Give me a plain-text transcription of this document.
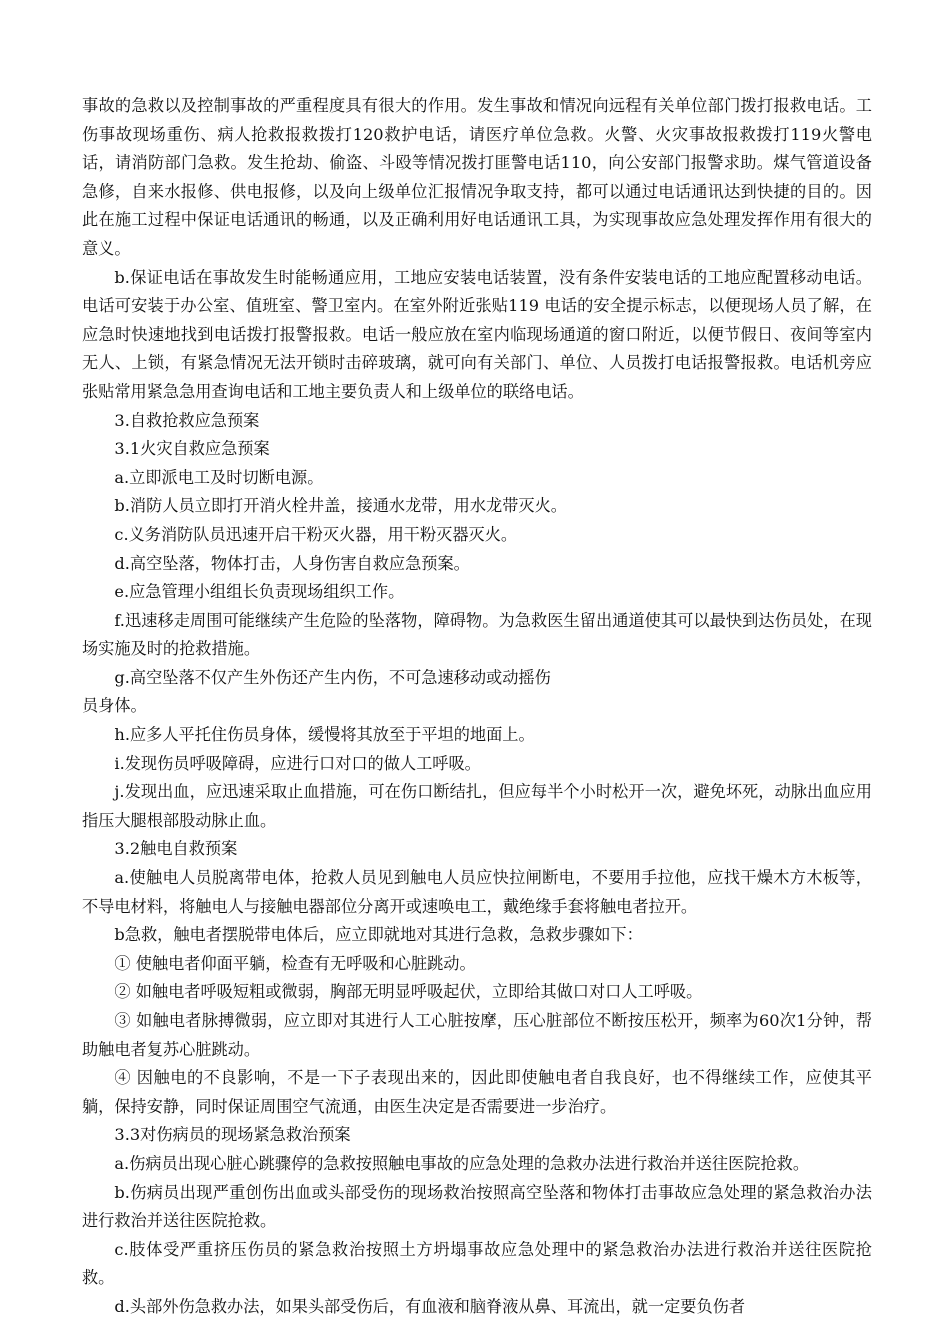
事故的急救以及控制事故的严重程度具有很大的作用。发生事故和情况向远程有关单位部门拨打报救电话。工伤事故现场重伤、病人抢救报救拨打120救护电话，请医疗单位急救。火警、火灾事故报救拨打119火警电话，请消防部门急救。发生抢劫、偷盗、斗殴等情况拨打匪警电话110，向公安部门报警求助。煤气管道设备急修，自来水报修、供电报修，以及向上级单位汇报情况争取支持，都可以通过电话通讯达到快捷的目的。因此在施工过程中保证电话通讯的畅通，以及正确利用好电话通讯工具，为实现事故应急处理发挥作用有很大的意义。

b.保证电话在事故发生时能畅通应用，工地应安装电话装置，没有条件安装电话的工地应配置移动电话。电话可安装于办公室、值班室、警卫室内。在室外附近张贴119 电话的安全提示标志，以便现场人员了解，在应急时快速地找到电话拨打报警报救。电话一般应放在室内临现场通道的窗口附近，以便节假日、夜间等室内无人、上锁，有紧急情况无法开锁时击碎玻璃，就可向有关部门、单位、人员拨打电话报警报救。电话机旁应张贴常用紧急急用查询电话和工地主要负责人和上级单位的联络电话。

3.自救抢救应急预案

3.1火灾自救应急预案

a.立即派电工及时切断电源。

b.消防人员立即打开消火栓井盖，接通水龙带，用水龙带灭火。

c.义务消防队员迅速开启干粉灭火器，用干粉灭器灭火。

d.高空坠落，物体打击，人身伤害自救应急预案。

e.应急管理小组组长负责现场组织工作。

f.迅速移走周围可能继续产生危险的坠落物，障碍物。为急救医生留出通道使其可以最快到达伤员处，在现场实施及时的抢救措施。

g.高空坠落不仅产生外伤还产生内伤，不可急速移动或动摇伤

员身体。

h.应多人平托住伤员身体，缓慢将其放至于平坦的地面上。

i.发现伤员呼吸障碍，应进行口对口的做人工呼吸。

j.发现出血，应迅速采取止血措施，可在伤口断结扎，但应每半个小时松开一次，避免坏死，动脉出血应用指压大腿根部股动脉止血。

3.2触电自救预案

a.使触电人员脱离带电体，抢救人员见到触电人员应快拉闸断电，不要用手拉他，应找干燥木方木板等，不导电材料，将触电人与接触电器部位分离开或速唤电工，戴绝缘手套将触电者拉开。

b急救，触电者摆脱带电体后，应立即就地对其进行急救，急救步骤如下：

① 使触电者仰面平躺，检查有无呼吸和心脏跳动。

② 如触电者呼吸短粗或微弱，胸部无明显呼吸起伏，立即给其做口对口人工呼吸。

③ 如触电者脉搏微弱，应立即对其进行人工心脏按摩，压心脏部位不断按压松开，频率为60次1分钟，帮助触电者复苏心脏跳动。

④ 因触电的不良影响，不是一下子表现出来的，因此即使触电者自我良好，也不得继续工作，应使其平躺，保持安静，同时保证周围空气流通，由医生决定是否需要进一步治疗。

3.3对伤病员的现场紧急救治预案

a.伤病员出现心脏心跳骤停的急救按照触电事故的应急处理的急救办法进行救治并送往医院抢救。

b.伤病员出现严重创伤出血或头部受伤的现场救治按照高空坠落和物体打击事故应急处理的紧急救治办法进行救治并送往医院抢救。

c.肢体受严重挤压伤员的紧急救治按照土方坍塌事故应急处理中的紧急救治办法进行救治并送往医院抢救。

d.头部外伤急救办法，如果头部受伤后，有血液和脑脊液从鼻、耳流出，就一定要负伤者
